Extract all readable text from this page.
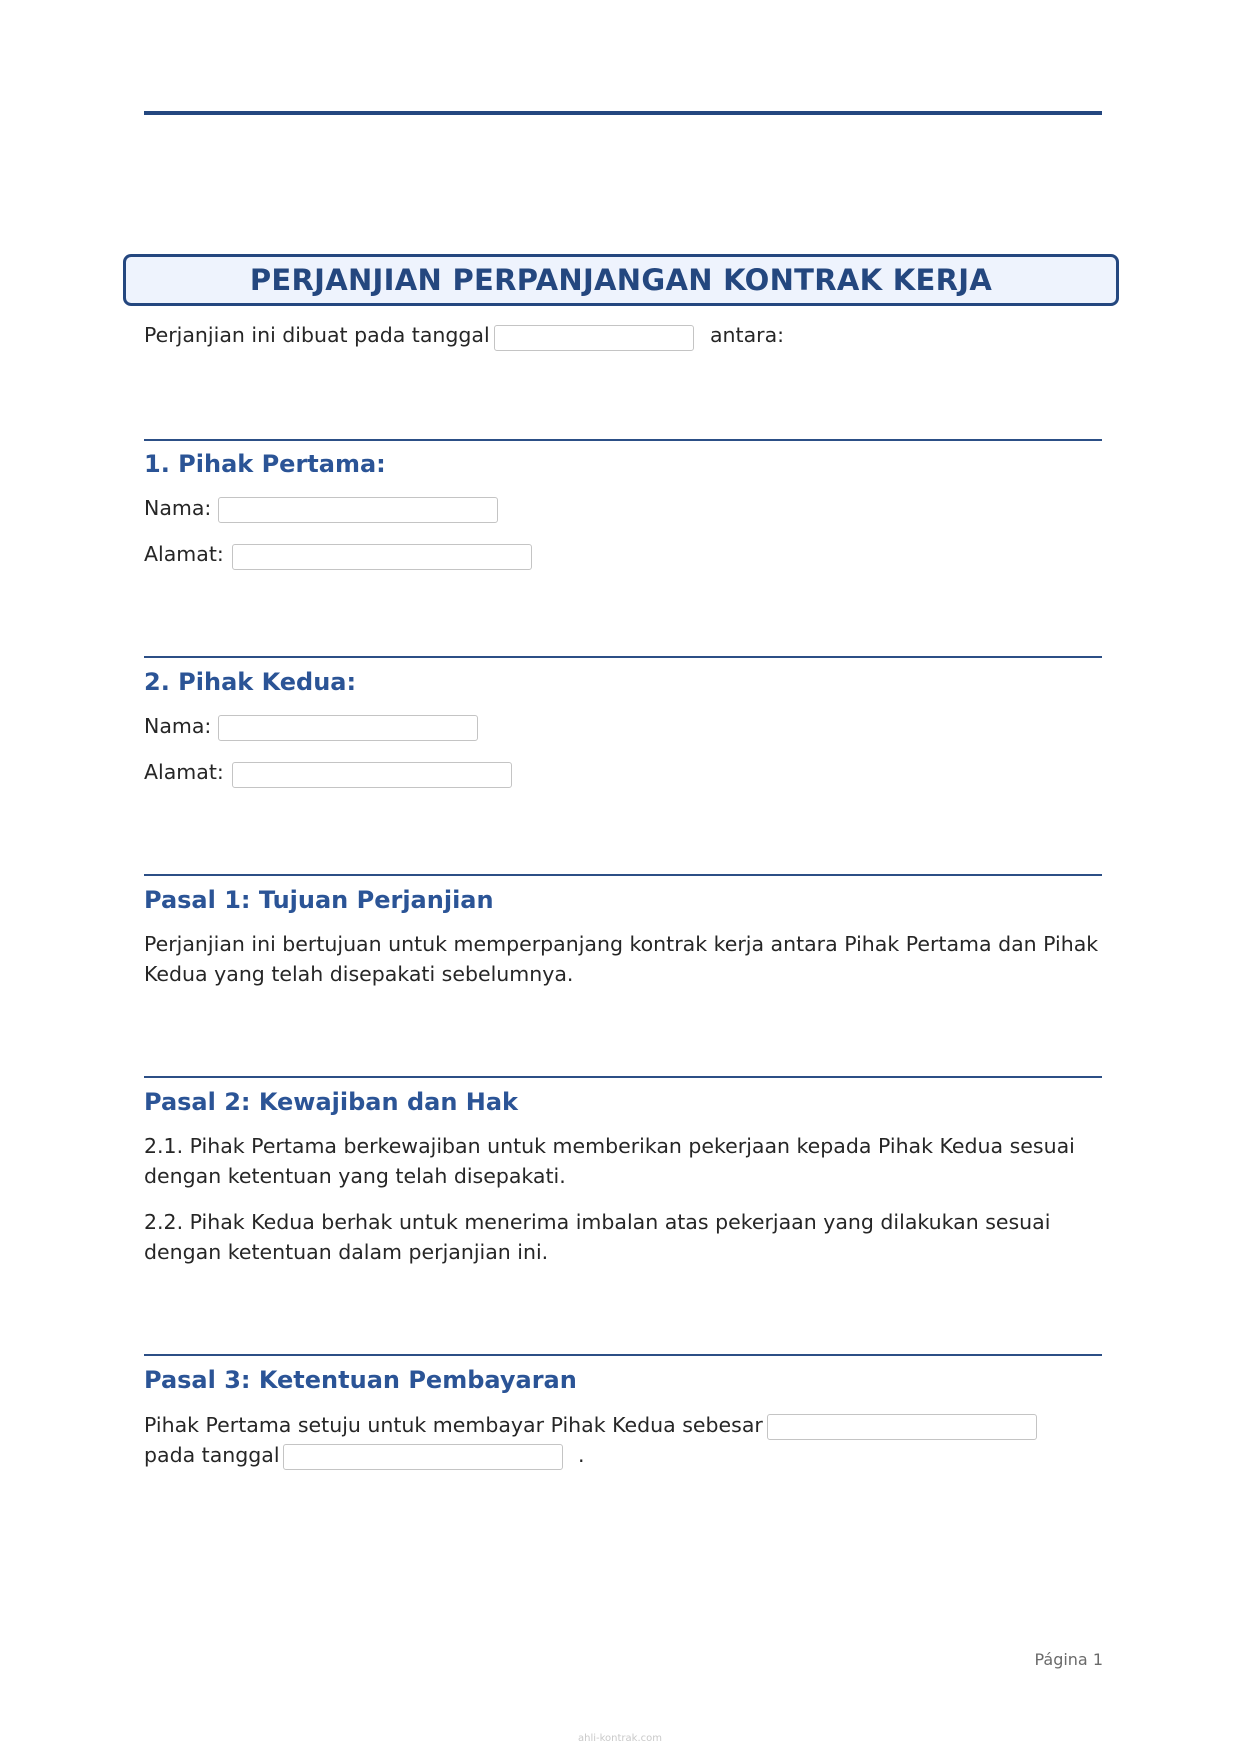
PERJANJIAN PERPANJANGAN KONTRAK KERJA
Perjanjian ini dibuat pada tanggal	antara:
1. Pihak Pertama:
Nama:
Alamat:
2. Pihak Kedua:
Nama:
Alamat:
Pasal 1: Tujuan Perjanjian
Perjanjian ini bertujuan untuk memperpanjang kontrak kerja antara Pihak Pertama dan Pihak Kedua yang telah disepakati sebelumnya.
Pasal 2: Kewajiban dan Hak
2.1. Pihak Pertama berkewajiban untuk memberikan pekerjaan kepada Pihak Kedua sesuai dengan ketentuan yang telah disepakati.
2.2. Pihak Kedua berhak untuk menerima imbalan atas pekerjaan yang dilakukan sesuai dengan ketentuan dalam perjanjian ini.
Pasal 3: Ketentuan Pembayaran
Pihak Pertama setuju untuk membayar Pihak Kedua sebesar
pada tanggal	.
Página 1
ahli-kontrak.com
